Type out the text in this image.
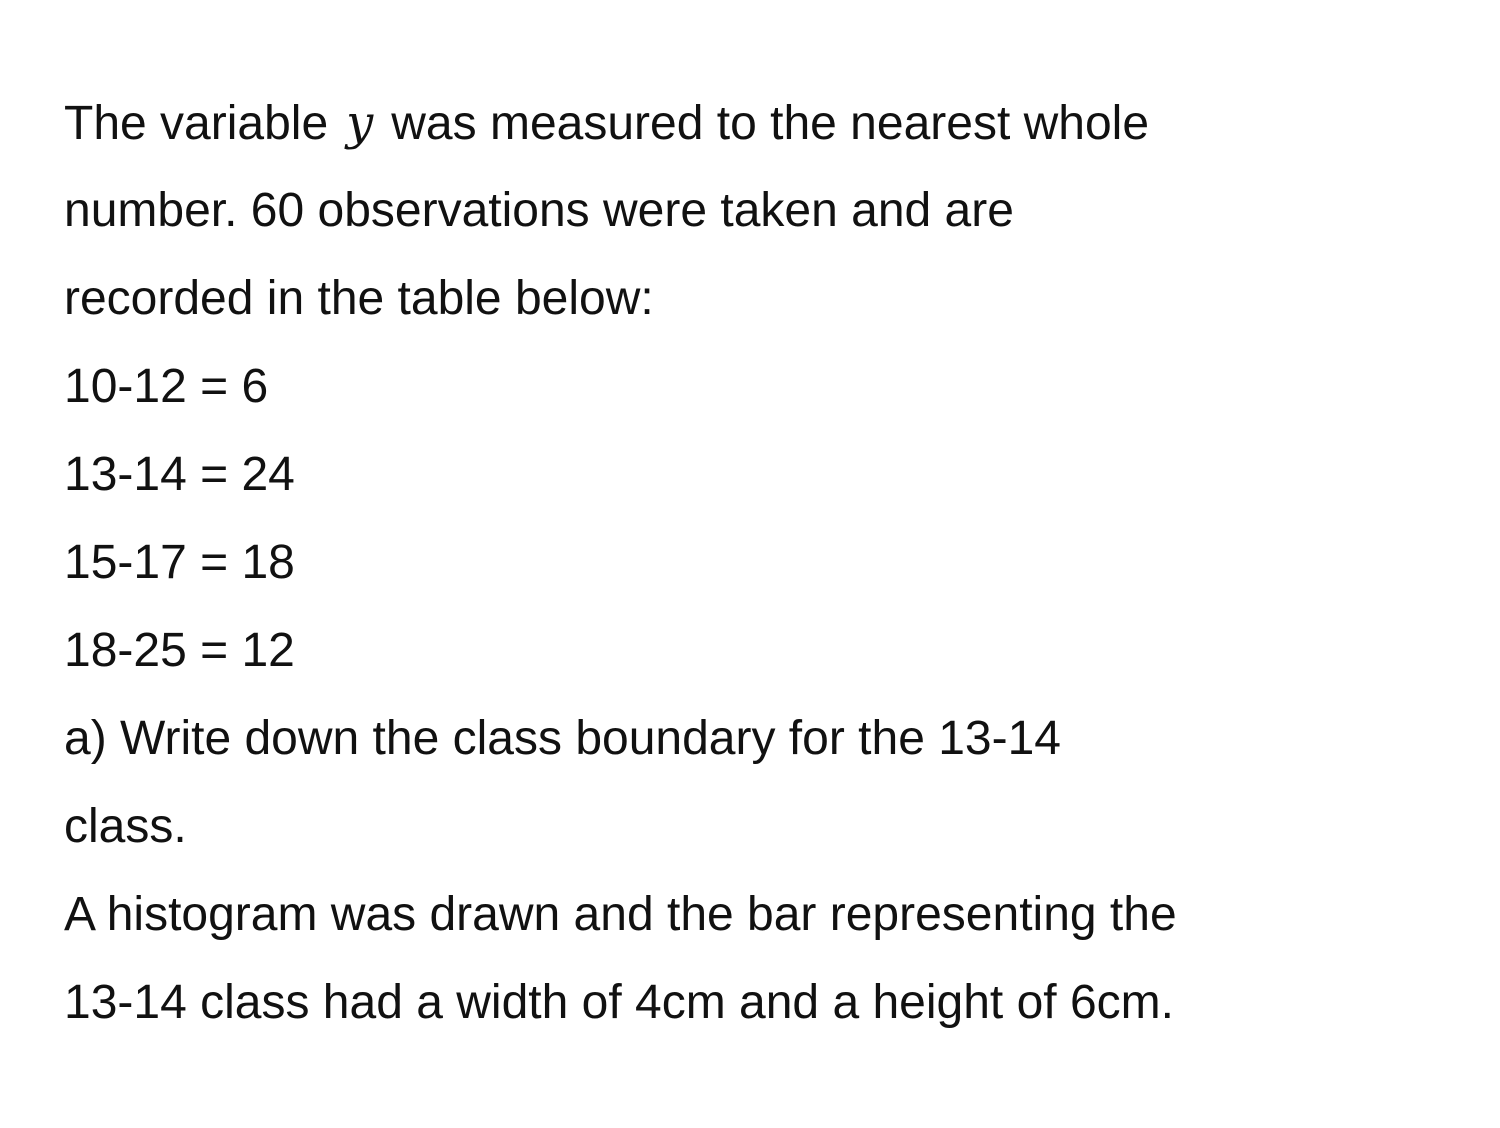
The variable y was measured to the nearest whole
number. 60 observations were taken and are
recorded in the table below:
10-12 = 6
13-14 = 24
15-17 = 18
18-25 = 12
a) Write down the class boundary for the 13-14
class.
A histogram was drawn and the bar representing the
13-14 class had a width of 4cm and a height of 6cm.
